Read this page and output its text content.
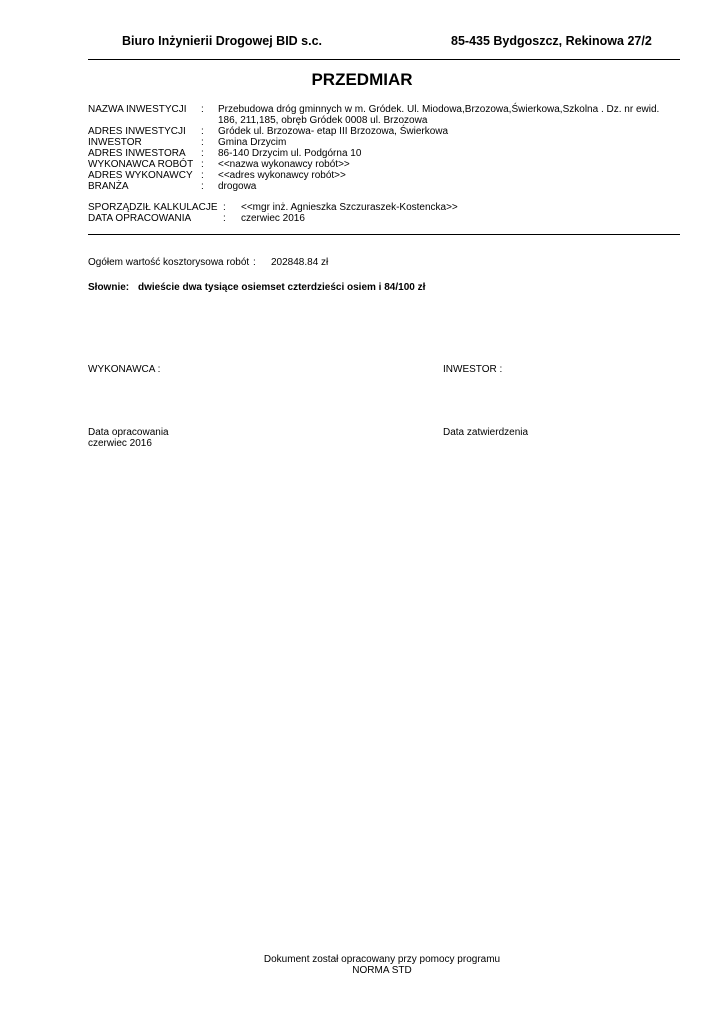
Biuro Inżynierii Drogowej BID s.c.	85-435 Bydgoszcz, Rekinowa 27/2
PRZEDMIAR
NAZWA INWESTYCJI : Przebudowa dróg gminnych w m. Gródek. Ul. Miodowa,Brzozowa,Świerkowa,Szkolna . Dz. nr ewid. 186, 211,185, obręb Gródek 0008 ul. Brzozowa
ADRES INWESTYCJI : Gródek ul. Brzozowa- etap III Brzozowa, Świerkowa
INWESTOR	: Gmina Drzycim
ADRES INWESTORA : 86-140 Drzycim ul. Podgórna 10
WYKONAWCA ROBÓT : <<nazwa wykonawcy robót>>
ADRES WYKONAWCY : <<adres wykonawcy robót>>
BRANŻA	: drogowa
SPORZĄDZIŁ KALKULACJE : <<mgr inż. Agnieszka Szczuraszek-Kostencka>>
DATA OPRACOWANIA	: czerwiec 2016
Ogółem wartość kosztorysowa robót : 202848.84 zł
Słownie: dwieście dwa tysiące osiemset czterdzieści osiem i 84/100 zł
WYKONAWCA :	INWESTOR :
Data opracowania
czerwiec 2016
Data zatwierdzenia
Dokument został opracowany przy pomocy programu
NORMA STD
